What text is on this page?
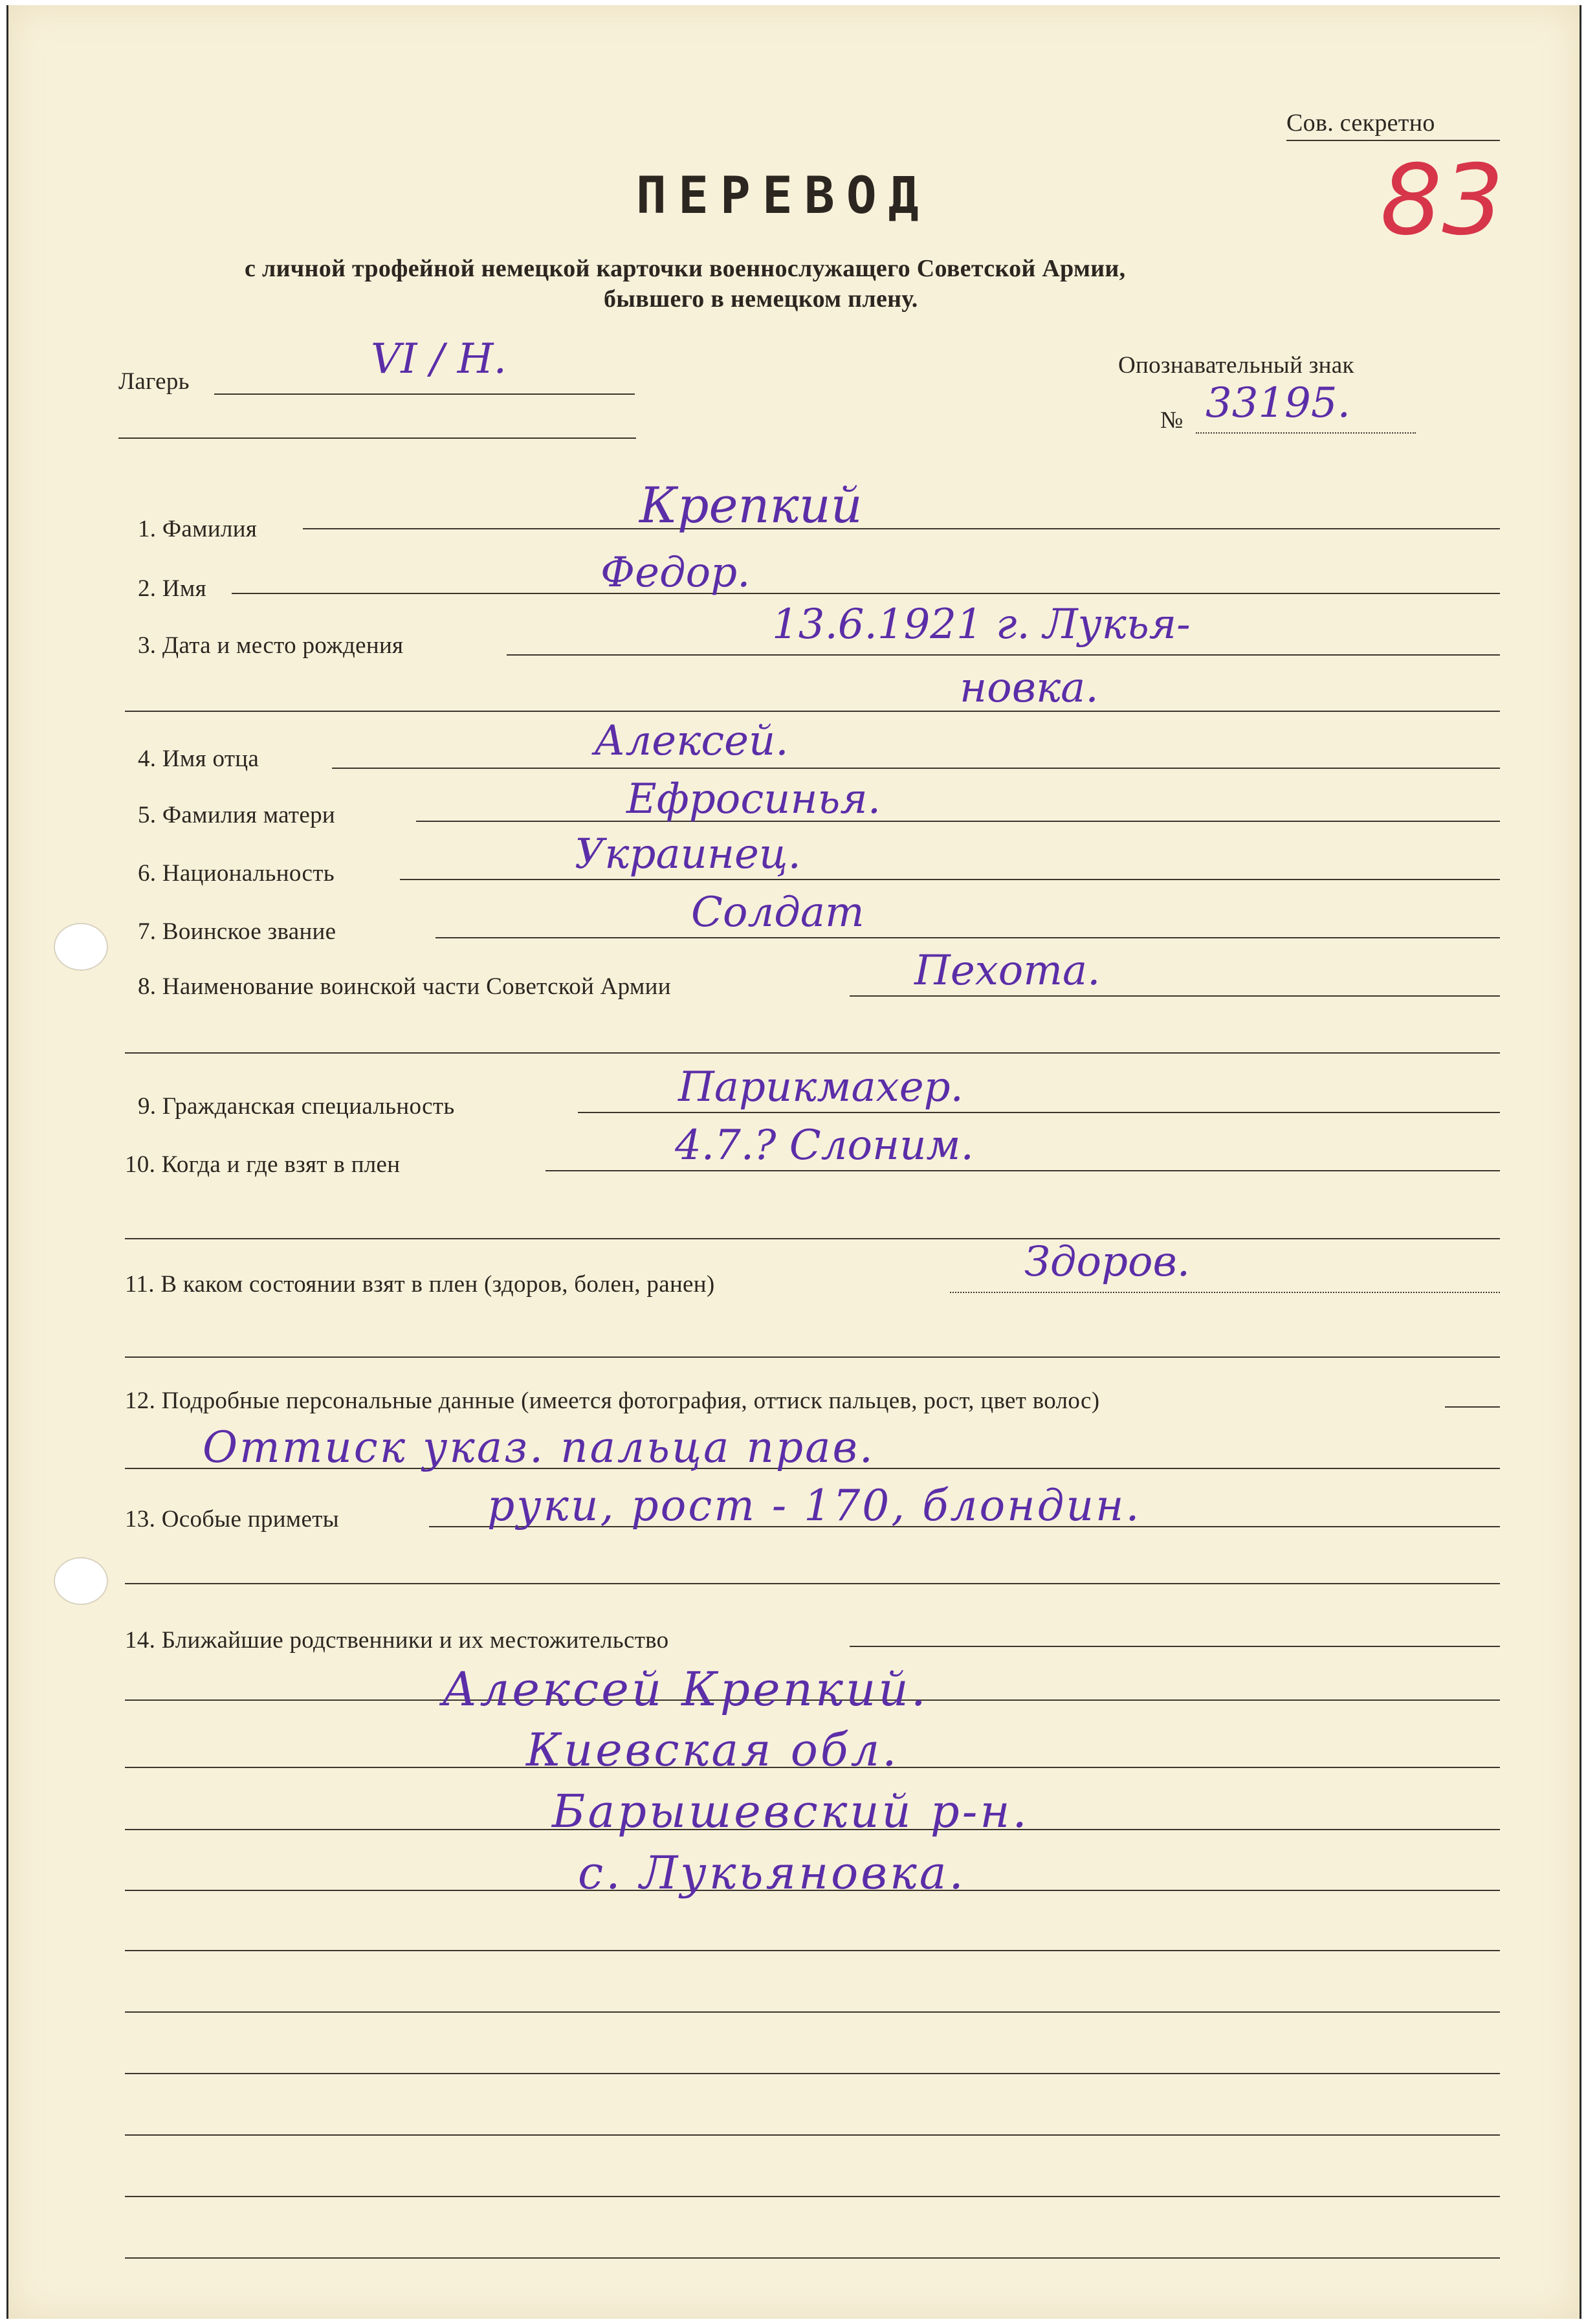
Сов. секретно
83
ПЕРЕВОД
с личной трофейной немецкой карточки военнослужащего Советской Армии,
бывшего в немецком плену.
Лагерь	VI / Н.	Опознавательный знак
№ 33195.
1. Фамилия	Крепкий
2. Имя	Федор.
3. Дата и место рождения	13.6.1921 г. Лукья-
новка.
4. Имя отца	Алексей.
5. Фамилия матери	Ефросинья.
6. Национальность	Украинец.
7. Воинское звание	Солдат
8. Наименование воинской части Советской Армии	Пехота.
9. Гражданская специальность	Парикмахер.
10. Когда и где взят в плен	4.7.? Слоним.
11. В каком состоянии взят в плен (здоров, болен, ранен)	Здоров.
12. Подробные персональные данные (имеется фотография, оттиск пальцев, рост, цвет волос)
Оттиск указ. пальца прав.
13. Особые приметы	руки, рост - 170, блондин.
14. Ближайшие родственники и их местожительство
Алексей Крепкий.
Киевская обл.
Барышевский р-н.
с. Лукьяновка.
